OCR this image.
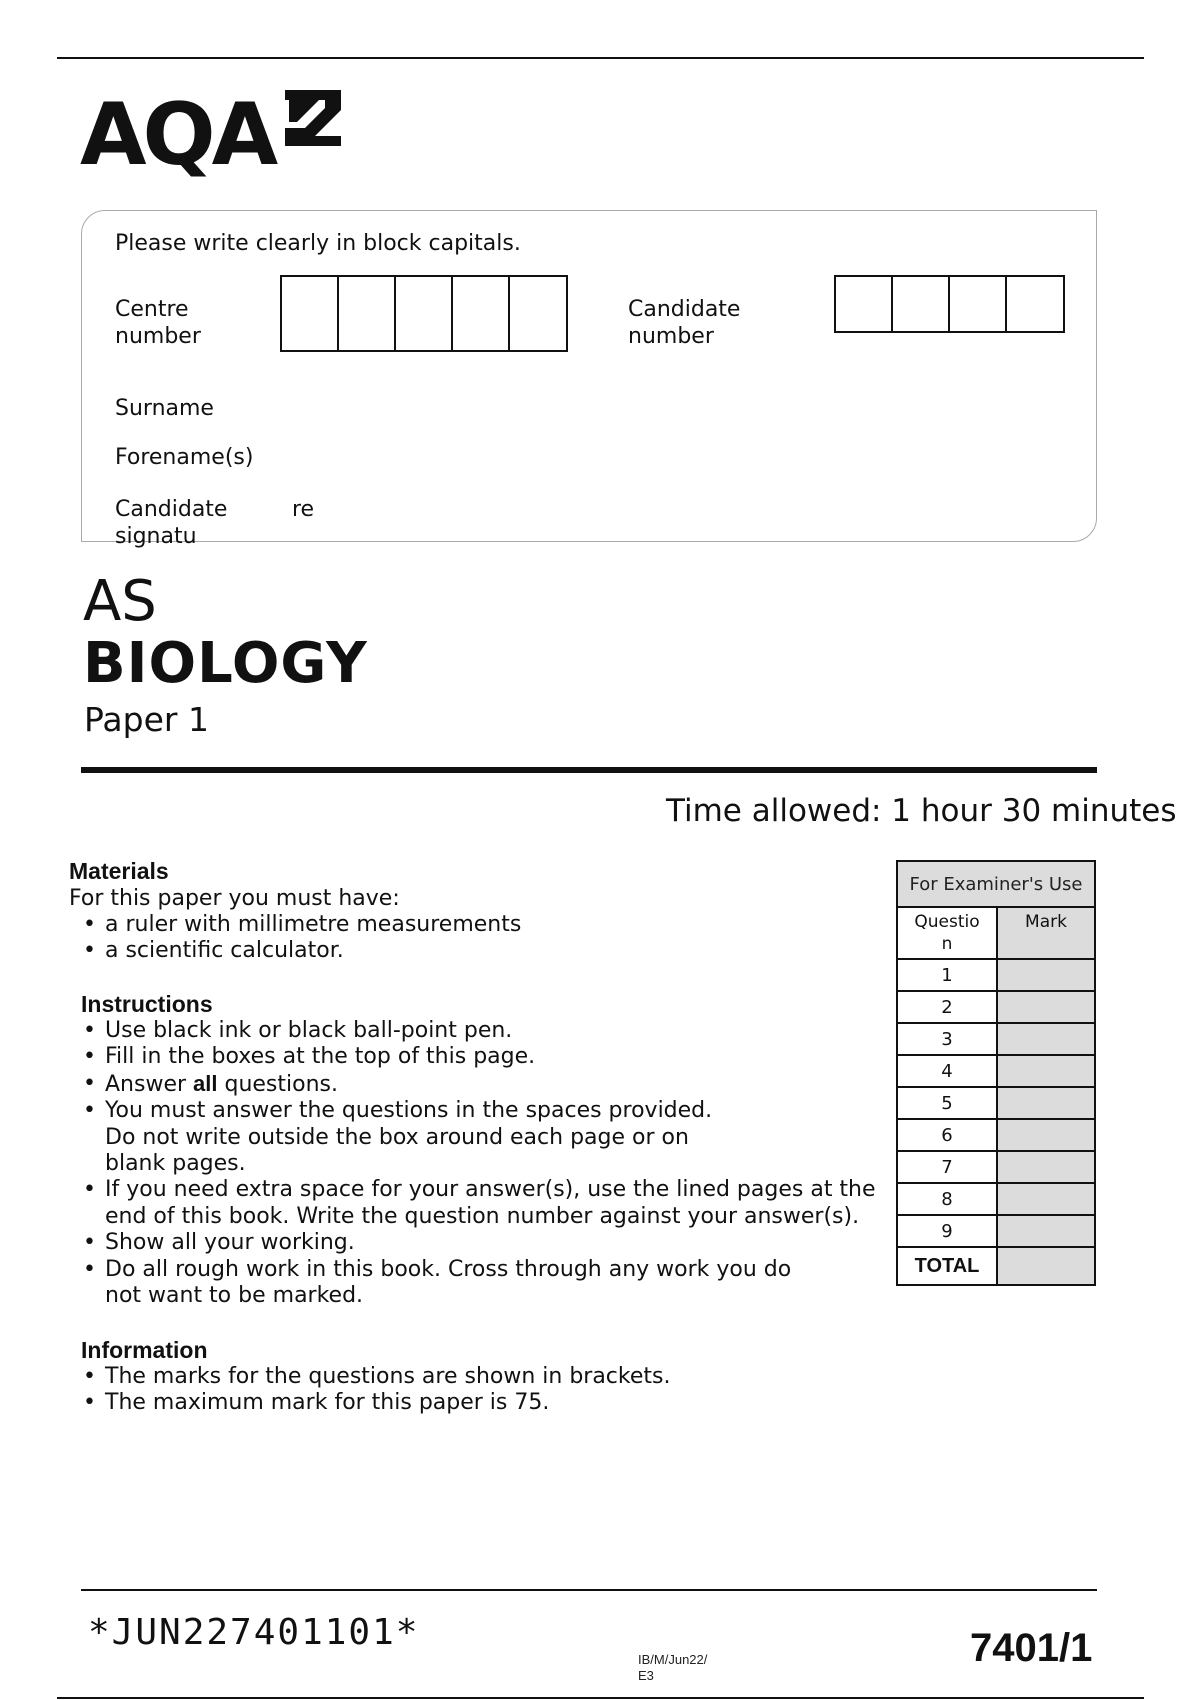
AQA
Please write clearly in block capitals.
Centre
number
Candidate
number
Surname
Forename(s)
Candidate
signatu
re
AS
BIOLOGY
Paper 1
Time allowed: 1 hour 30 minutes
Materials
For this paper you must have:
• a ruler with millimetre measurements
• a scientific calculator.
Instructions
• Use black ink or black ball-point pen.
• Fill in the boxes at the top of this page.
• Answer all questions.
• You must answer the questions in the spaces provided. Do not write outside the box around each page or on blank pages.
• If you need extra space for your answer(s), use the lined pages at the end of this book. Write the question number against your answer(s).
• Show all your working.
• Do all rough work in this book. Cross through any work you do not want to be marked.
Information
• The marks for the questions are shown in brackets.
• The maximum mark for this paper is 75.
For Examiner's Use	

Questio
n	Mark
1	
2	
3	
4	
5	
6	
7	
8	
9	
TOTAL	
*JUN227401101*
IB/M/Jun22/
E3
7401/1
